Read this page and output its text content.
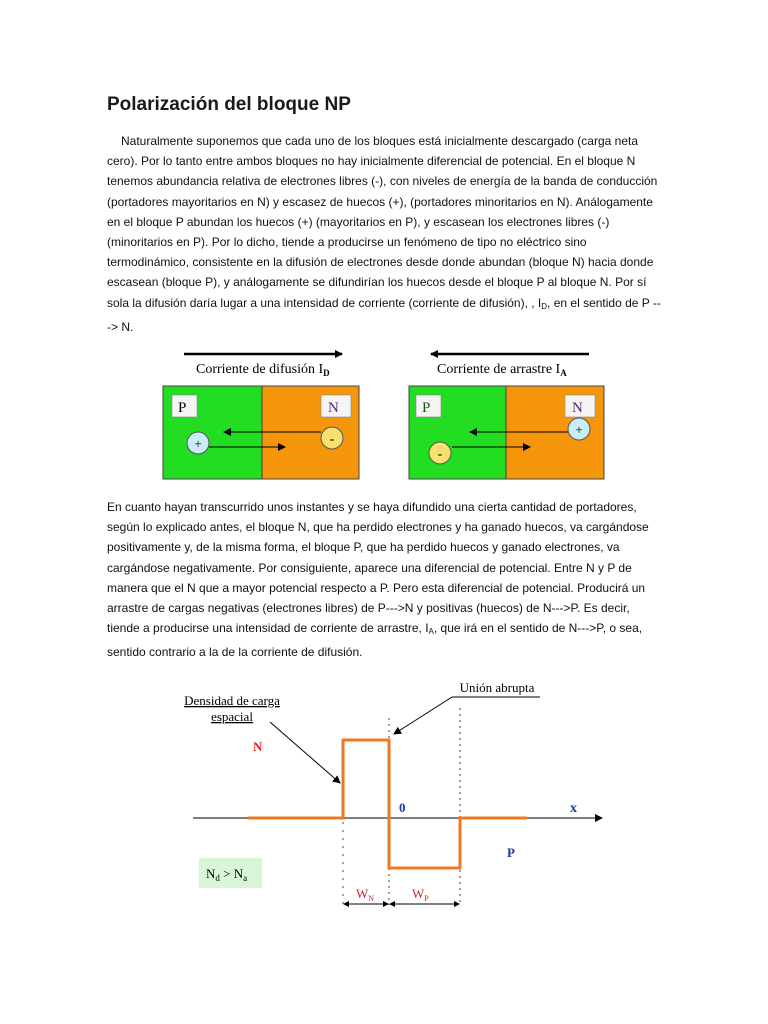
Polarización del bloque NP

Naturalmente suponemos que cada uno de los bloques está inicialmente descargado (carga neta cero). Por lo tanto entre ambos bloques no hay inicialmente diferencial de potencial. En el bloque N tenemos abundancia relativa de electrones libres (-), con niveles de energía de la banda de conducción (portadores mayoritarios en N) y escasez de huecos (+), (portadores minoritarios en N). Análogamente en el bloque P abundan los huecos (+) (mayoritarios en P), y escasean los electrones libres (-) (minoritarios en P). Por lo dicho, tiende a producirse un fenómeno de tipo no eléctrico sino termodinámico, consistente en la difusión de electrones desde donde abundan (bloque N) hacia donde escasean (bloque P), y análogamente se difundirían los huecos desde el bloque P al bloque N. Por sí sola la difusión daría lugar a una intensidad de corriente (corriente de difusión), , $I_D$, en el sentido de P ---> N.

Corriente de difusión $I_D$
P	N
+	-
Corriente de arrastre $I_A$
P	N
+
-

En cuanto hayan transcurrido unos instantes y se haya difundido una cierta cantidad de portadores, según lo explicado antes, el bloque N, que ha perdido electrones y ha ganado huecos, va cargándose positivamente y, de la misma forma, el bloque P, que ha perdido huecos y ganado electrones, va cargándose negativamente. Por consiguiente, aparece una diferencial de potencial. Entre N y P de manera que el N que a mayor potencial respecto a P. Pero esta diferencial de potencial. Producirá un arrastre de cargas negativas (electrones libres) de P--->N y positivas (huecos) de N--->P. Es decir, tiende a producirse una intensidad de corriente de arrastre, $I_A$, que irá en el sentido de N--->P, o sea, sentido contrario a la de la corriente de difusión.

Densidad de carga
espacial
Unión abrupta
N
x
0
P
$N_d > N_a$
$W_N$	$W_P$
